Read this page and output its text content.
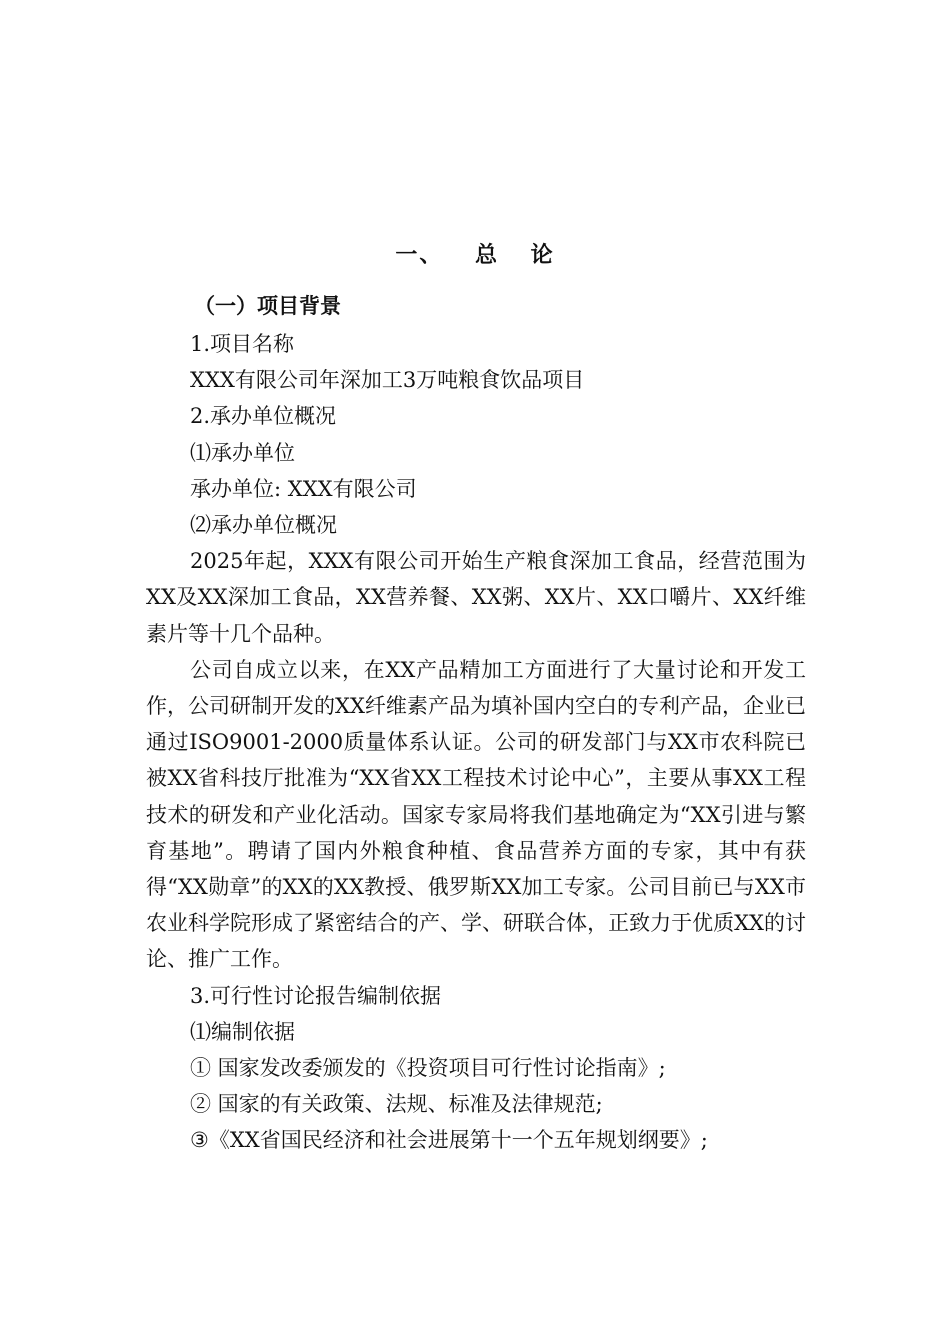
一、 总 论

（一）项目背景

1.项目名称

XXX有限公司年深加工3万吨粮食饮品项目

2.承办单位概况

⑴承办单位

承办单位: XXX有限公司

⑵承办单位概况

2025年起，XXX有限公司开始生产粮食深加工食品，经营范围为XX及XX深加工食品，XX营养餐、XX粥、XX片、XX口嚼片、XX纤维素片等十几个品种。

公司自成立以来，在XX产品精加工方面进行了大量讨论和开发工作，公司研制开发的XX纤维素产品为填补国内空白的专利产品，企业已通过ISO9001-2000质量体系认证。公司的研发部门与XX市农科院已被XX省科技厅批准为“XX省XX工程技术讨论中心”，主要从事XX工程技术的研发和产业化活动。国家专家局将我们基地确定为“XX引进与繁育基地”。聘请了国内外粮食种植、食品营养方面的专家，其中有获得“XX勋章”的XX的XX教授、俄罗斯XX加工专家。公司目前已与XX市农业科学院形成了紧密结合的产、学、研联合体，正致力于优质XX的讨论、推广工作。

3.可行性讨论报告编制依据

⑴编制依据

① 国家发改委颁发的《投资项目可行性讨论指南》;

② 国家的有关政策、法规、标准及法律规范;

③《XX省国民经济和社会进展第十一个五年规划纲要》;
